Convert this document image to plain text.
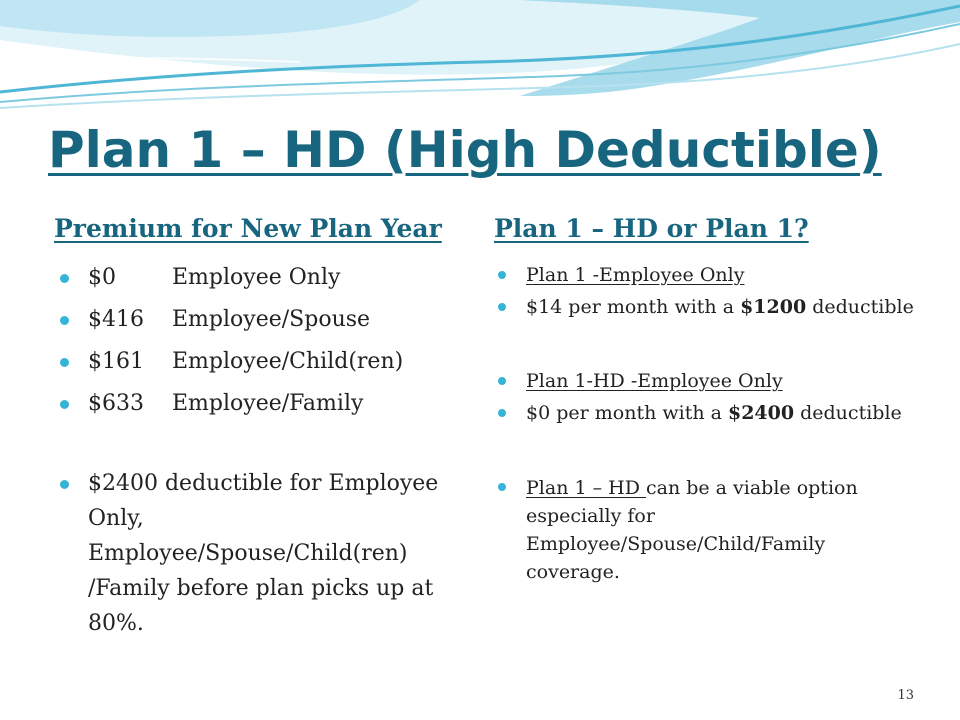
Plan 1 – HD (High Deductible)
Premium for New Plan Year Plan 1 – HD or Plan 1?
$0	Employee Only
$416 Employee/Spouse
$161 Employee/Child(ren)
$633 Employee/Family
$2400 deductible for Employee Only, Employee/Spouse/Child(ren) /Family before plan picks up at 80%.
Plan 1 -Employee Only
$14 per month with a $1200 deductible
Plan 1-HD -Employee Only
$0 per month with a $2400 deductible
Plan 1 – HD can be a viable option especially for Employee/Spouse/Child/Family coverage.
13
